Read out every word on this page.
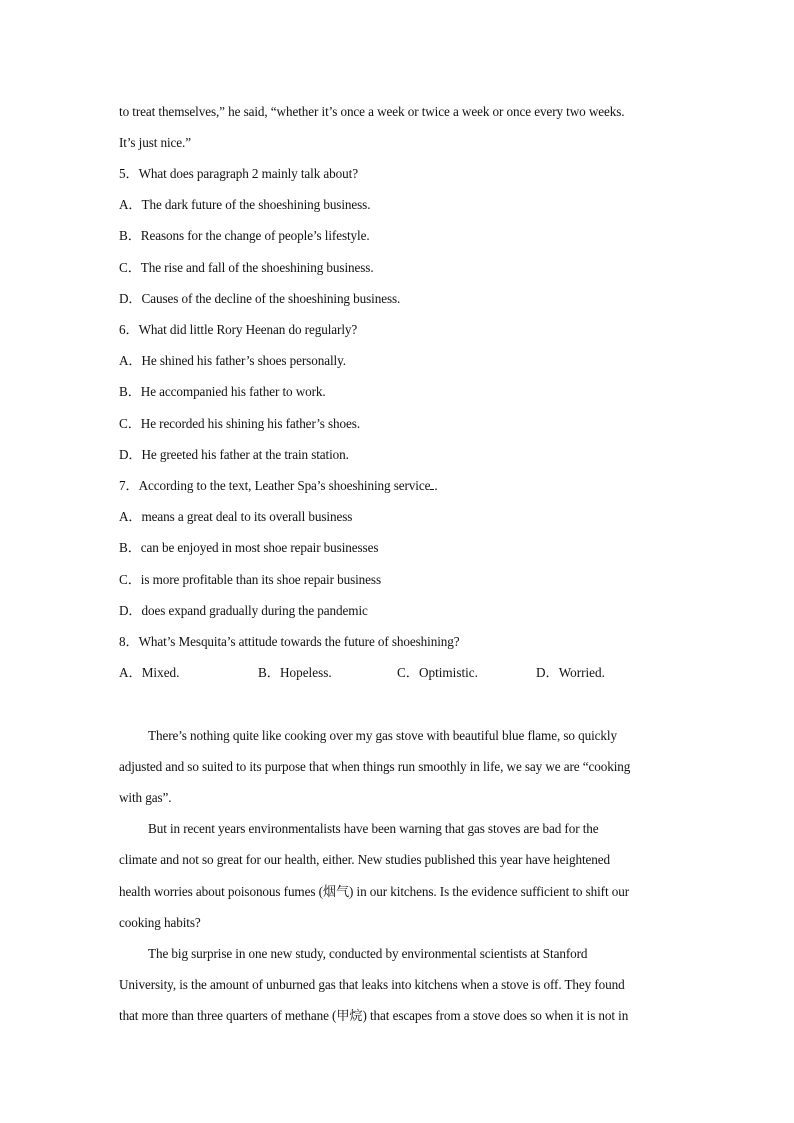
to treat themselves,” he said, “whether it’s once a week or twice a week or once every two weeks.
It’s just nice.”
5．What does paragraph 2 mainly talk about?
A．The dark future of the shoeshining business.
B．Reasons for the change of people’s lifestyle.
C．The rise and fall of the shoeshining business.
D．Causes of the decline of the shoeshining business.
6．What did little Rory Heenan do regularly?
A．He shined his father’s shoes personally.
B．He accompanied his father to work.
C．He recorded his shining his father’s shoes.
D．He greeted his father at the train station.
7．According to the text, Leather Spa’s shoeshining service .
A．means a great deal to its overall business
B．can be enjoyed in most shoe repair businesses
C．is more profitable than its shoe repair business
D．does expand gradually during the pandemic
8．What’s Mesquita’s attitude towards the future of shoeshining?
A．Mixed.	B．Hopeless.	C．Optimistic.	D．Worried.
There’s nothing quite like cooking over my gas stove with beautiful blue flame, so quickly
adjusted and so suited to its purpose that when things run smoothly in life, we say we are “cooking
with gas”.
But in recent years environmentalists have been warning that gas stoves are bad for the
climate and not so great for our health, either. New studies published this year have heightened
health worries about poisonous fumes (烟气) in our kitchens. Is the evidence sufficient to shift our
cooking habits?
The big surprise in one new study, conducted by environmental scientists at Stanford
University, is the amount of unburned gas that leaks into kitchens when a stove is off. They found
that more than three quarters of methane (甲烷) that escapes from a stove does so when it is not in
